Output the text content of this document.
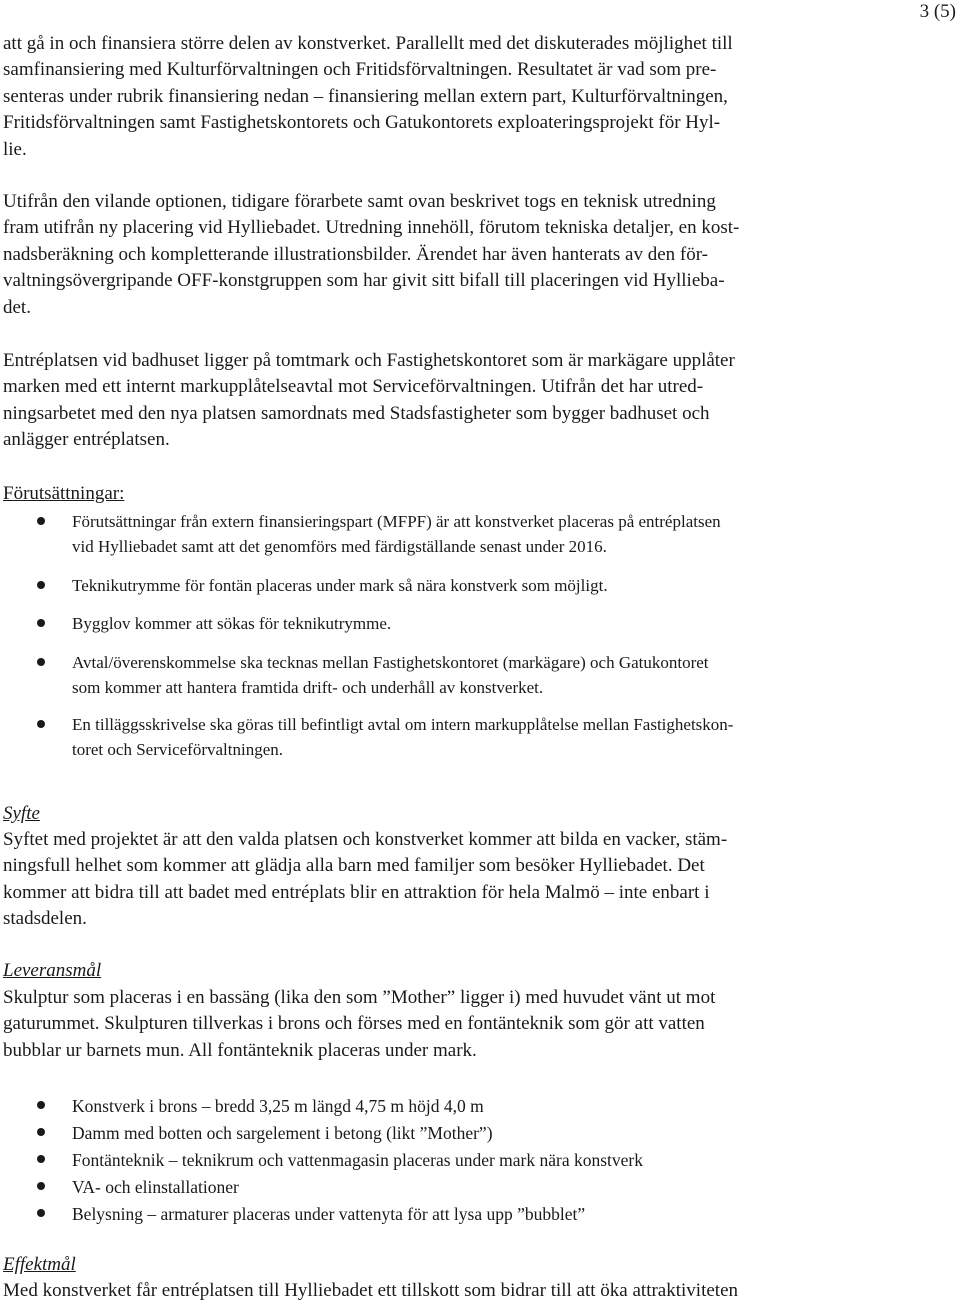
3 (5)
att gå in och finansiera större delen av konstverket. Parallellt med det diskuterades möjlighet till
samfinansiering med Kulturförvaltningen och Fritidsförvaltningen. Resultatet är vad som pre-
senteras under rubrik finansiering nedan – finansiering mellan extern part, Kulturförvaltningen,
Fritidsförvaltningen samt Fastighetskontorets och Gatukontorets exploateringsprojekt för Hyl-
lie.
Utifrån den vilande optionen, tidigare förarbete samt ovan beskrivet togs en teknisk utredning
fram utifrån ny placering vid Hylliebadet. Utredning innehöll, förutom tekniska detaljer, en kost-
nadsberäkning och kompletterande illustrationsbilder. Ärendet har även hanterats av den för-
valtningsövergripande OFF-konstgruppen som har givit sitt bifall till placeringen vid Hyllieba-
det.
Entréplatsen vid badhuset ligger på tomtmark och Fastighetskontoret som är markägare upplåter
marken med ett internt markupplåtelseavtal mot Serviceförvaltningen. Utifrån det har utred-
ningsarbetet med den nya platsen samordnats med Stadsfastigheter som bygger badhuset och
anlägger entréplatsen.
Förutsättningar:
Förutsättningar från extern finansieringspart (MFPF) är att konstverket placeras på entréplatsen
vid Hylliebadet samt att det genomförs med färdigställande senast under 2016.
Teknikutrymme för fontän placeras under mark så nära konstverk som möjligt.
Bygglov kommer att sökas för teknikutrymme.
Avtal/överenskommelse ska tecknas mellan Fastighetskontoret (markägare) och Gatukontoret
som kommer att hantera framtida drift- och underhåll av konstverket.
En tilläggsskrivelse ska göras till befintligt avtal om intern markupplåtelse mellan Fastighetskon-
toret och Serviceförvaltningen.
Syfte
Syftet med projektet är att den valda platsen och konstverket kommer att bilda en vacker, stäm-
ningsfull helhet som kommer att glädja alla barn med familjer som besöker Hylliebadet. Det
kommer att bidra till att badet med entréplats blir en attraktion för hela Malmö – inte enbart i
stadsdelen.
Leveransmål
Skulptur som placeras i en bassäng (lika den som ”Mother” ligger i) med huvudet vänt ut mot
gaturummet. Skulpturen tillverkas i brons och förses med en fontänteknik som gör att vatten
bubblar ur barnets mun. All fontänteknik placeras under mark.
Konstverk i brons – bredd 3,25 m längd 4,75 m höjd 4,0 m
Damm med botten och sargelement i betong (likt ”Mother”)
Fontänteknik – teknikrum och vattenmagasin placeras under mark nära konstverk
VA- och elinstallationer
Belysning – armaturer placeras under vattenyta för att lysa upp ”bubblet”
Effektmål
Med konstverket får entréplatsen till Hylliebadet ett tillskott som bidrar till att öka attraktiviteten
